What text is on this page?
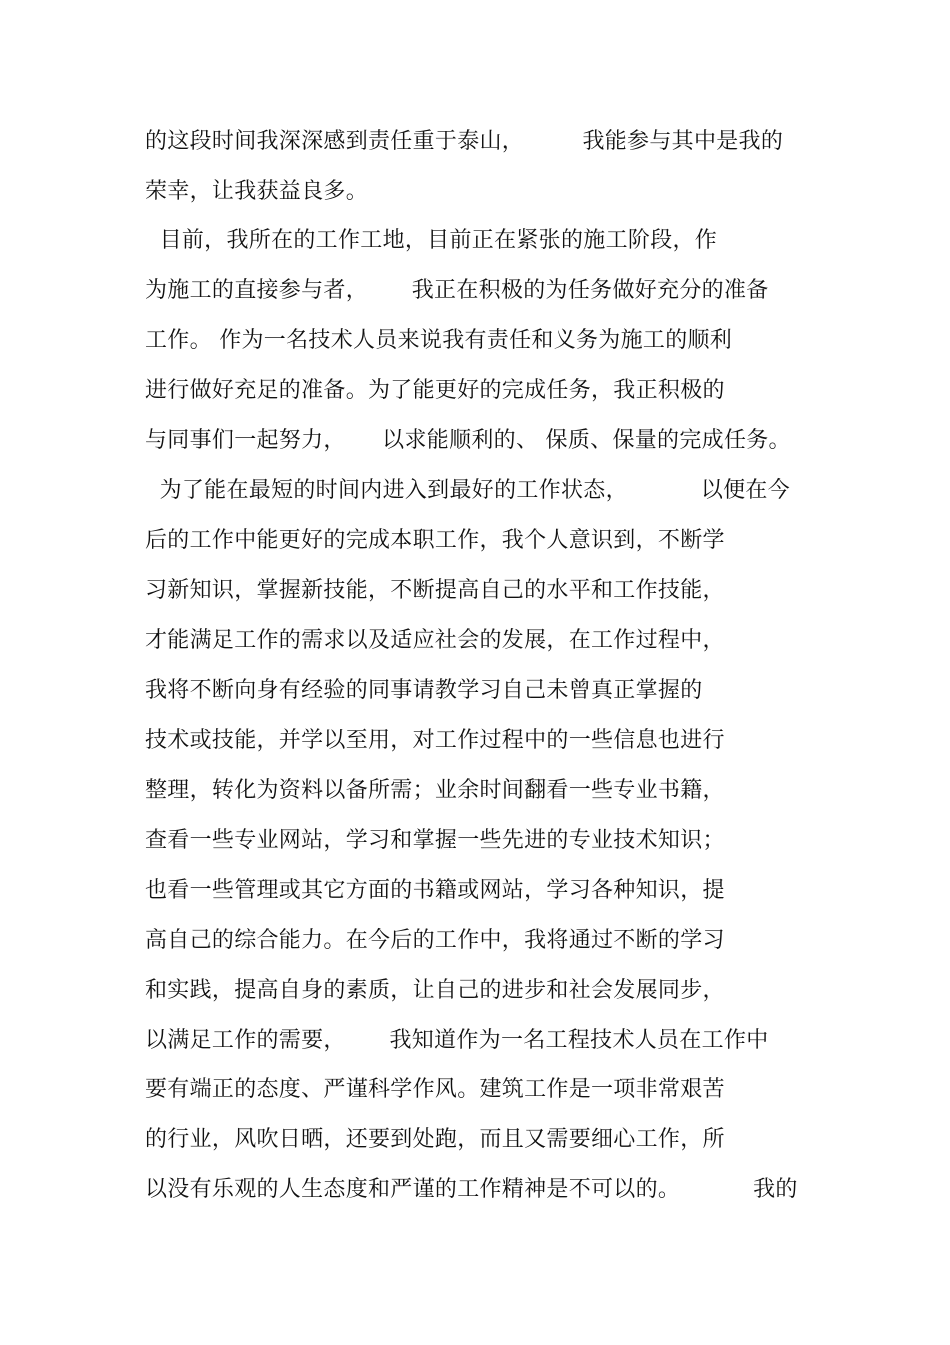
的这段时间我深深感到责任重于泰山，        我能参与其中是我的
荣幸，让我获益良多。
目前，我所在的工作工地，目前正在紧张的施工阶段，作
为施工的直接参与者，      我正在积极的为任务做好充分的准备
工作。 作为一名技术人员来说我有责任和义务为施工的顺利
进行做好充足的准备。为了能更好的完成任务，我正积极的
与同事们一起努力，     以求能顺利的、 保质、保量的完成任务。
为了能在最短的时间内进入到最好的工作状态，          以便在今
后的工作中能更好的完成本职工作，我个人意识到，不断学
习新知识，掌握新技能，不断提高自己的水平和工作技能，
才能满足工作的需求以及适应社会的发展，在工作过程中，
我将不断向身有经验的同事请教学习自己未曾真正掌握的
技术或技能，并学以至用，对工作过程中的一些信息也进行
整理，转化为资料以备所需；业余时间翻看一些专业书籍，
查看一些专业网站，学习和掌握一些先进的专业技术知识；
也看一些管理或其它方面的书籍或网站，学习各种知识，提
高自己的综合能力。在今后的工作中，我将通过不断的学习
和实践，提高自身的素质，让自己的进步和社会发展同步，
以满足工作的需要，      我知道作为一名工程技术人员在工作中
要有端正的态度、严谨科学作风。建筑工作是一项非常艰苦
的行业，风吹日晒，还要到处跑，而且又需要细心工作，所
以没有乐观的人生态度和严谨的工作精神是不可以的。          我的
